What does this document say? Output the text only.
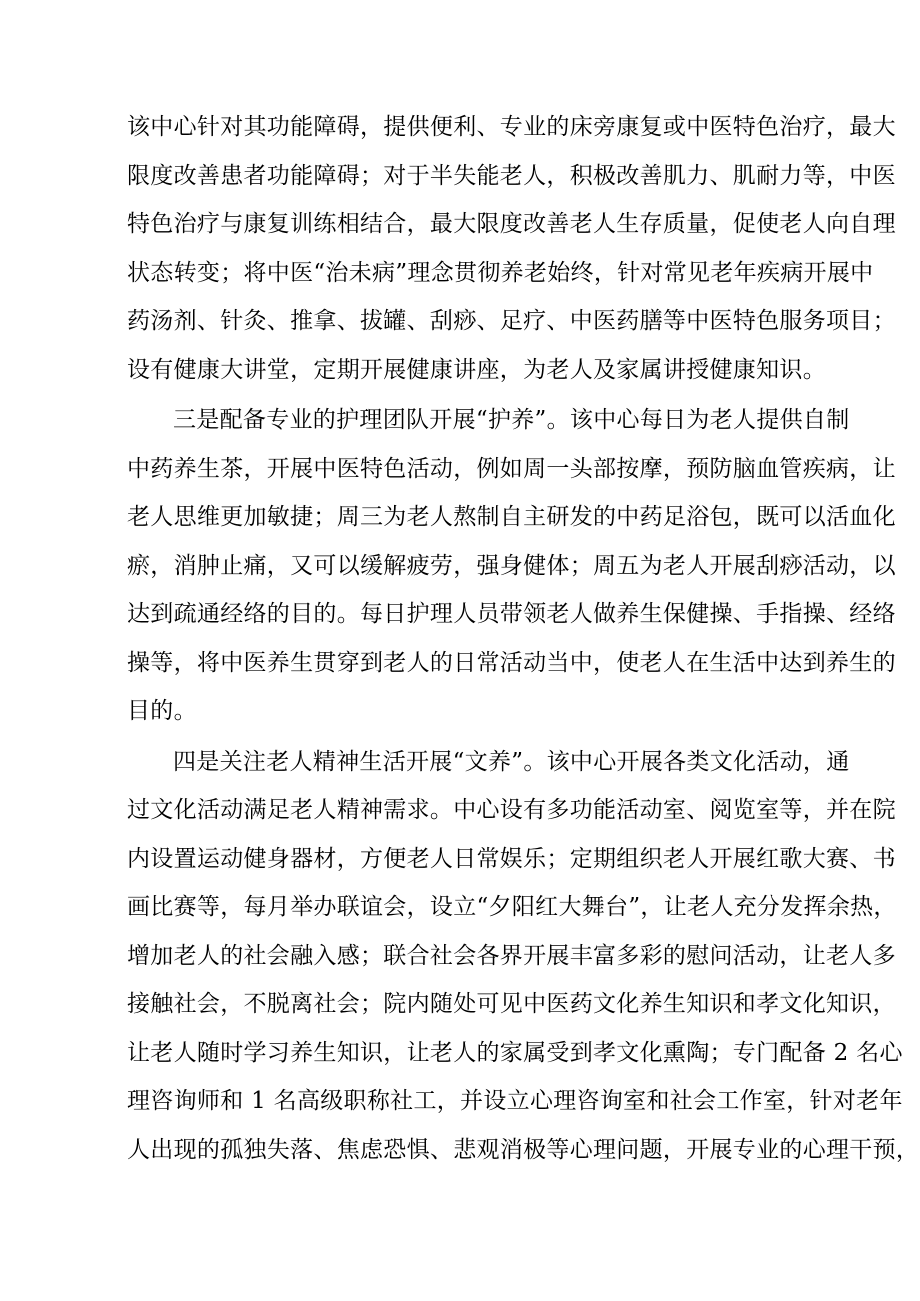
该中心针对其功能障碍，提供便利、专业的床旁康复或中医特色治疗，最大
限度改善患者功能障碍；对于半失能老人，积极改善肌力、肌耐力等，中医
特色治疗与康复训练相结合，最大限度改善老人生存质量，促使老人向自理
状态转变；将中医“治未病”理念贯彻养老始终，针对常见老年疾病开展中
药汤剂、针灸、推拿、拔罐、刮痧、足疗、中医药膳等中医特色服务项目；
设有健康大讲堂，定期开展健康讲座，为老人及家属讲授健康知识。
三是配备专业的护理团队开展“护养”。该中心每日为老人提供自制
中药养生茶，开展中医特色活动，例如周一头部按摩，预防脑血管疾病，让
老人思维更加敏捷；周三为老人熬制自主研发的中药足浴包，既可以活血化
瘀，消肿止痛，又可以缓解疲劳，强身健体；周五为老人开展刮痧活动，以
达到疏通经络的目的。每日护理人员带领老人做养生保健操、手指操、经络
操等，将中医养生贯穿到老人的日常活动当中，使老人在生活中达到养生的
目的。
四是关注老人精神生活开展“文养”。该中心开展各类文化活动，通
过文化活动满足老人精神需求。中心设有多功能活动室、阅览室等，并在院
内设置运动健身器材，方便老人日常娱乐；定期组织老人开展红歌大赛、书
画比赛等，每月举办联谊会，设立“夕阳红大舞台”，让老人充分发挥余热，
增加老人的社会融入感；联合社会各界开展丰富多彩的慰问活动，让老人多
接触社会，不脱离社会；院内随处可见中医药文化养生知识和孝文化知识，
让老人随时学习养生知识，让老人的家属受到孝文化熏陶；专门配备 2 名心
理咨询师和 1 名高级职称社工，并设立心理咨询室和社会工作室，针对老年
人出现的孤独失落、焦虑恐惧、悲观消极等心理问题，开展专业的心理干预，
